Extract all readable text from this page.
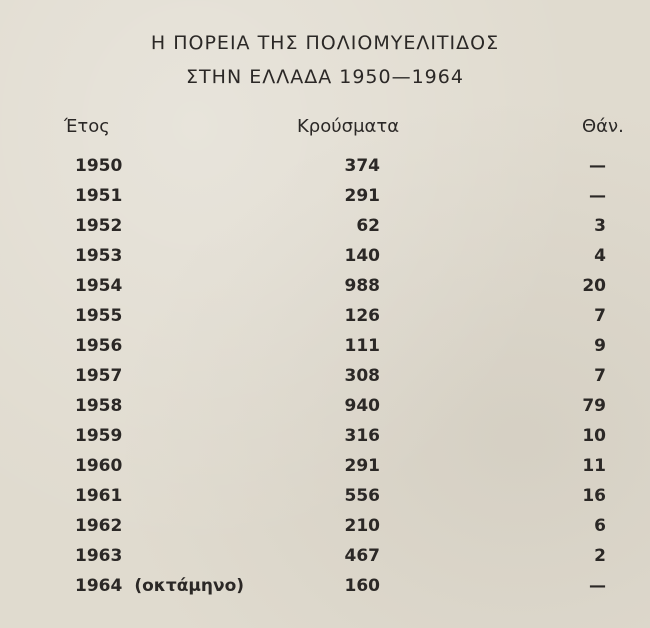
Η ΠΟΡΕΙΑ ΤΗΣ ΠΟΛΙΟΜΥΕΛΙΤΙΔΟΣ
ΣΤΗΝ ΕΛΛΑΔΑ 1950—1964
Έτος	Κρούσματα	Θάν.
1950	374	—
1951	291	—
1952	62	3
1953	140	4
1954	988	20
1955	126	7
1956	111	9
1957	308	7
1958	940	79
1959	316	10
1960	291	11
1961	556	16
1962	210	6
1963	467	2
1964 (οκτάμηνο)	160	—
